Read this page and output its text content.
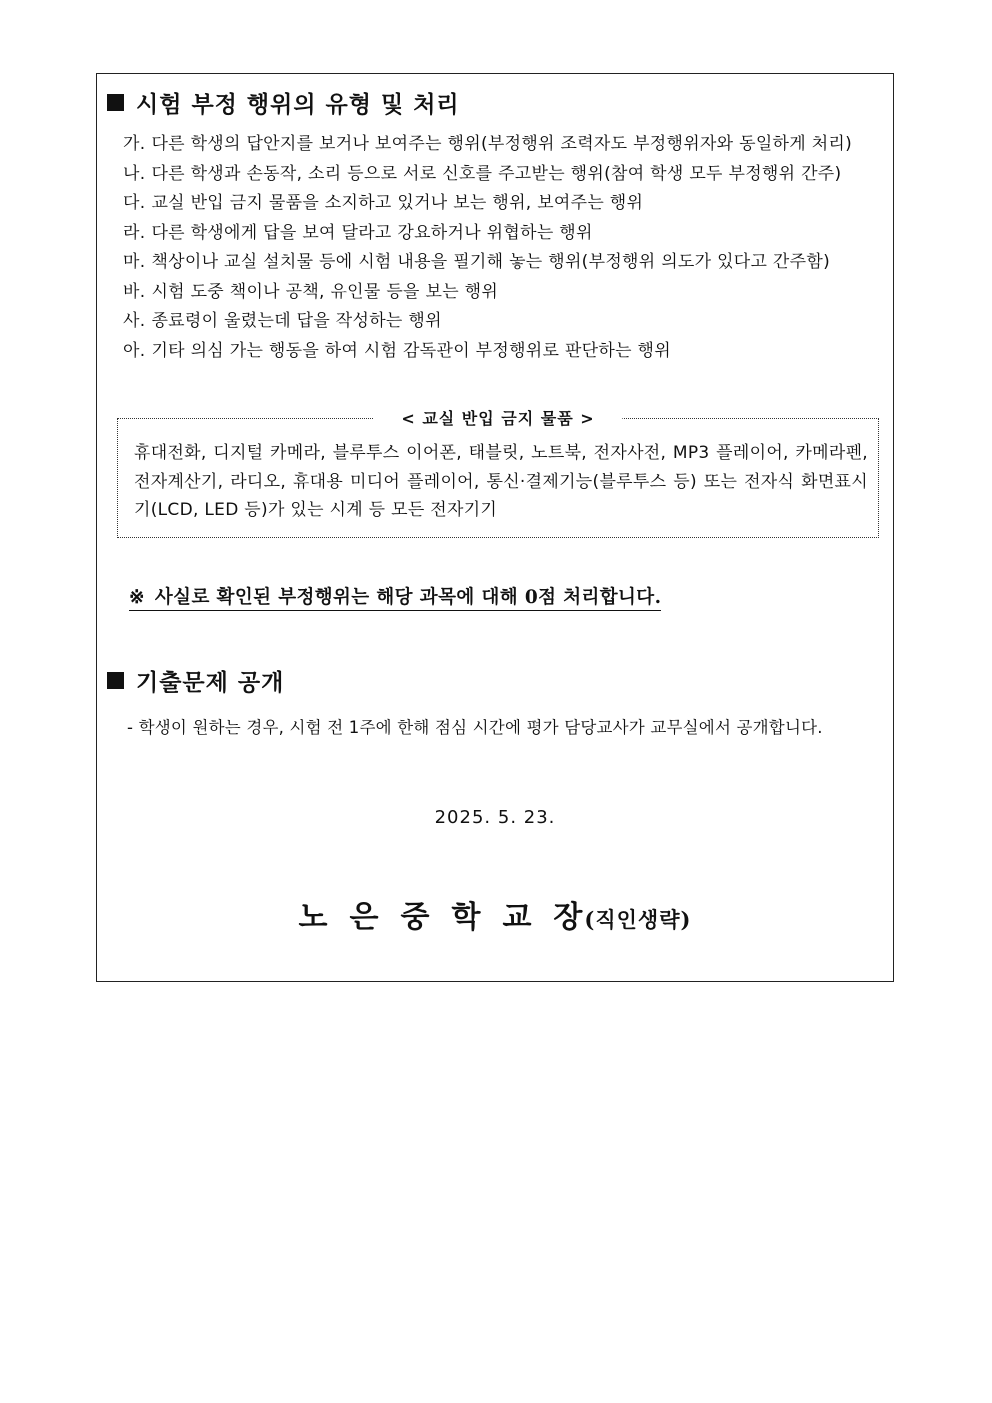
시험 부정 행위의 유형 및 처리
가. 다른 학생의 답안지를 보거나 보여주는 행위(부정행위 조력자도 부정행위자와 동일하게 처리)
나. 다른 학생과 손동작, 소리 등으로 서로 신호를 주고받는 행위(참여 학생 모두 부정행위 간주)
다. 교실 반입 금지 물품을 소지하고 있거나 보는 행위, 보여주는 행위
라. 다른 학생에게 답을 보여 달라고 강요하거나 위협하는 행위
마. 책상이나 교실 설치물 등에 시험 내용을 필기해 놓는 행위(부정행위 의도가 있다고 간주함)
바. 시험 도중 책이나 공책, 유인물 등을 보는 행위
사. 종료령이 울렸는데 답을 작성하는 행위
아. 기타 의심 가는 행동을 하여 시험 감독관이 부정행위로 판단하는 행위
< 교실 반입 금지 물품 >
휴대전화, 디지털 카메라, 블루투스 이어폰, 태블릿, 노트북, 전자사전, MP3 플레이어, 카메라펜, 전자계산기, 라디오, 휴대용 미디어 플레이어, 통신·결제기능(블루투스 등) 또는 전자식 화면표시기(LCD, LED 등)가 있는 시계 등 모든 전자기기
※ 사실로 확인된 부정행위는 해당 과목에 대해 0점 처리합니다.
기출문제 공개
- 학생이 원하는 경우, 시험 전 1주에 한해 점심 시간에 평가 담당교사가 교무실에서 공개합니다.
2025. 5. 23.
노은중학교장(직인생략)
